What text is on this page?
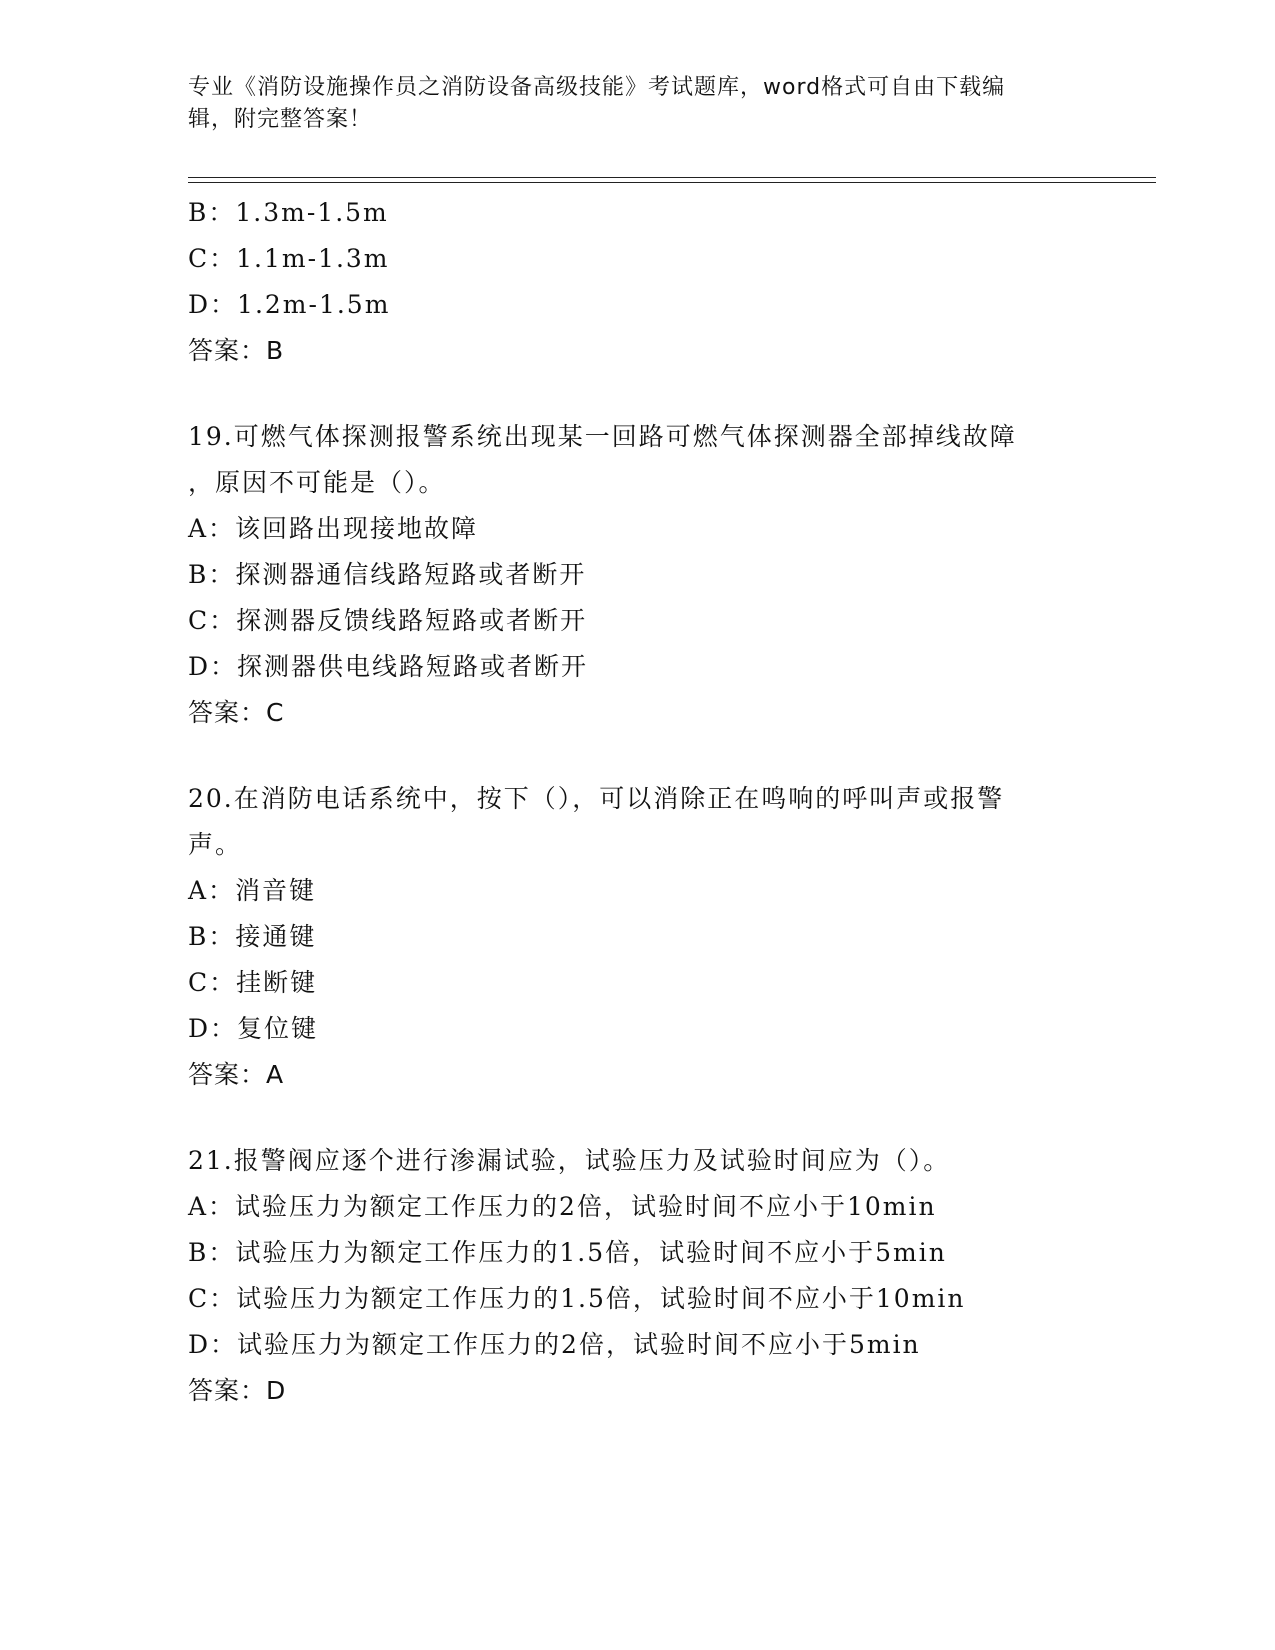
专业《消防设施操作员之消防设备高级技能》考试题库，word格式可自由下载编
辑，附完整答案！
B：1.3m-1.5m
C：1.1m-1.3m
D：1.2m-1.5m
答案：B
19.可燃气体探测报警系统出现某一回路可燃气体探测器全部掉线故障
，原因不可能是（）。
A：该回路出现接地故障
B：探测器通信线路短路或者断开
C：探测器反馈线路短路或者断开
D：探测器供电线路短路或者断开
答案：C
20.在消防电话系统中，按下（），可以消除正在鸣响的呼叫声或报警
声。
A：消音键
B：接通键
C：挂断键
D：复位键
答案：A
21.报警阀应逐个进行渗漏试验，试验压力及试验时间应为（）。
A：试验压力为额定工作压力的2倍，试验时间不应小于10min
B：试验压力为额定工作压力的1.5倍，试验时间不应小于5min
C：试验压力为额定工作压力的1.5倍，试验时间不应小于10min
D：试验压力为额定工作压力的2倍，试验时间不应小于5min
答案：D
